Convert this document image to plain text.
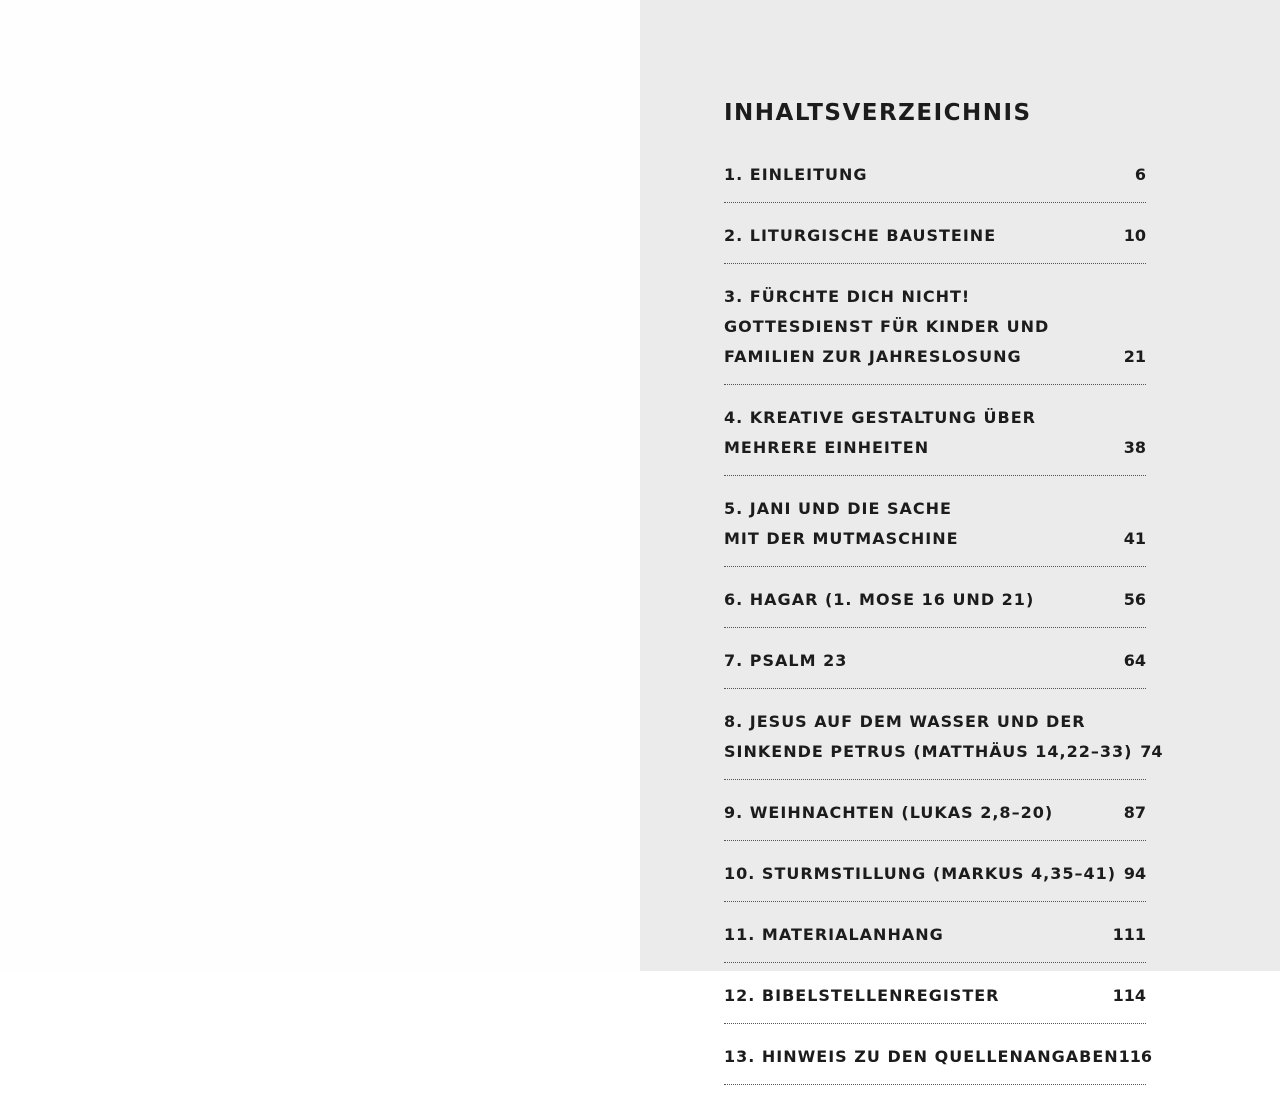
INHALTSVERZEICHNIS
1. EINLEITUNG	6
2. LITURGISCHE BAUSTEINE	10
3. FÜRCHTE DICH NICHT!
GOTTESDIENST FÜR KINDER UND
FAMILIEN ZUR JAHRESLOSUNG	21
4. KREATIVE GESTALTUNG ÜBER
MEHRERE EINHEITEN	38
5. JANI UND DIE SACHE
MIT DER MUTMASCHINE	41
6. HAGAR (1. MOSE 16 UND 21)	56
7. PSALM 23	64
8. JESUS AUF DEM WASSER UND DER
SINKENDE PETRUS (MATTHÄUS 14,22–33) 74
9. WEIHNACHTEN (LUKAS 2,8–20)	87
10. STURMSTILLUNG (MARKUS 4,35–41) 94
11. MATERIALANHANG	111
12. BIBELSTELLENREGISTER	114
13. HINWEIS ZU DEN QUELLENANGABEN 116
